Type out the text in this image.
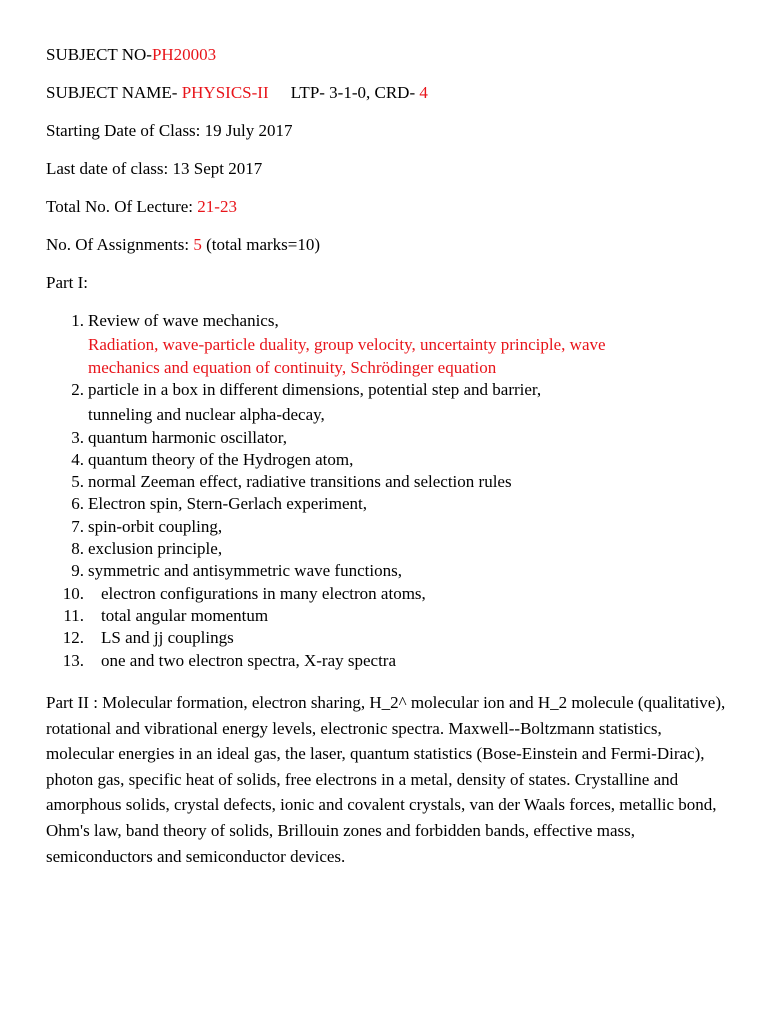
SUBJECT NO-PH20003
SUBJECT NAME- PHYSICS-II LTP- 3-1-0, CRD- 4
Starting Date of Class: 19 July 2017
Last date of class: 13 Sept 2017
Total No. Of Lecture: 21-23
No. Of Assignments: 5 (total marks=10)
Part I:
1. Review of wave mechanics,
Radiation, wave-particle duality, group velocity, uncertainty principle, wave
mechanics and equation of continuity, Schrödinger equation
2. particle in a box in different dimensions, potential step and barrier,
tunneling and nuclear alpha-decay,
3. quantum harmonic oscillator,
4. quantum theory of the Hydrogen atom,
5. normal Zeeman effect, radiative transitions and selection rules
6. Electron spin, Stern-Gerlach experiment,
7. spin-orbit coupling,
8. exclusion principle,
9. symmetric and antisymmetric wave functions,
10.	electron configurations in many electron atoms,
11.	total angular momentum
12.	LS and jj couplings
13.	one and two electron spectra, X-ray spectra

Part II : Molecular formation, electron sharing, H_2^ molecular ion and H_2 molecule (qualitative), rotational and vibrational energy levels, electronic spectra. Maxwell--Boltzmann statistics, molecular energies in an ideal gas, the laser, quantum statistics (Bose-Einstein and Fermi-Dirac), photon gas, specific heat of solids, free electrons in a metal, density of states. Crystalline and amorphous solids, crystal defects, ionic and covalent crystals, van der Waals forces, metallic bond, Ohm's law, band theory of solids, Brillouin zones and forbidden bands, effective mass, semiconductors and semiconductor devices.
